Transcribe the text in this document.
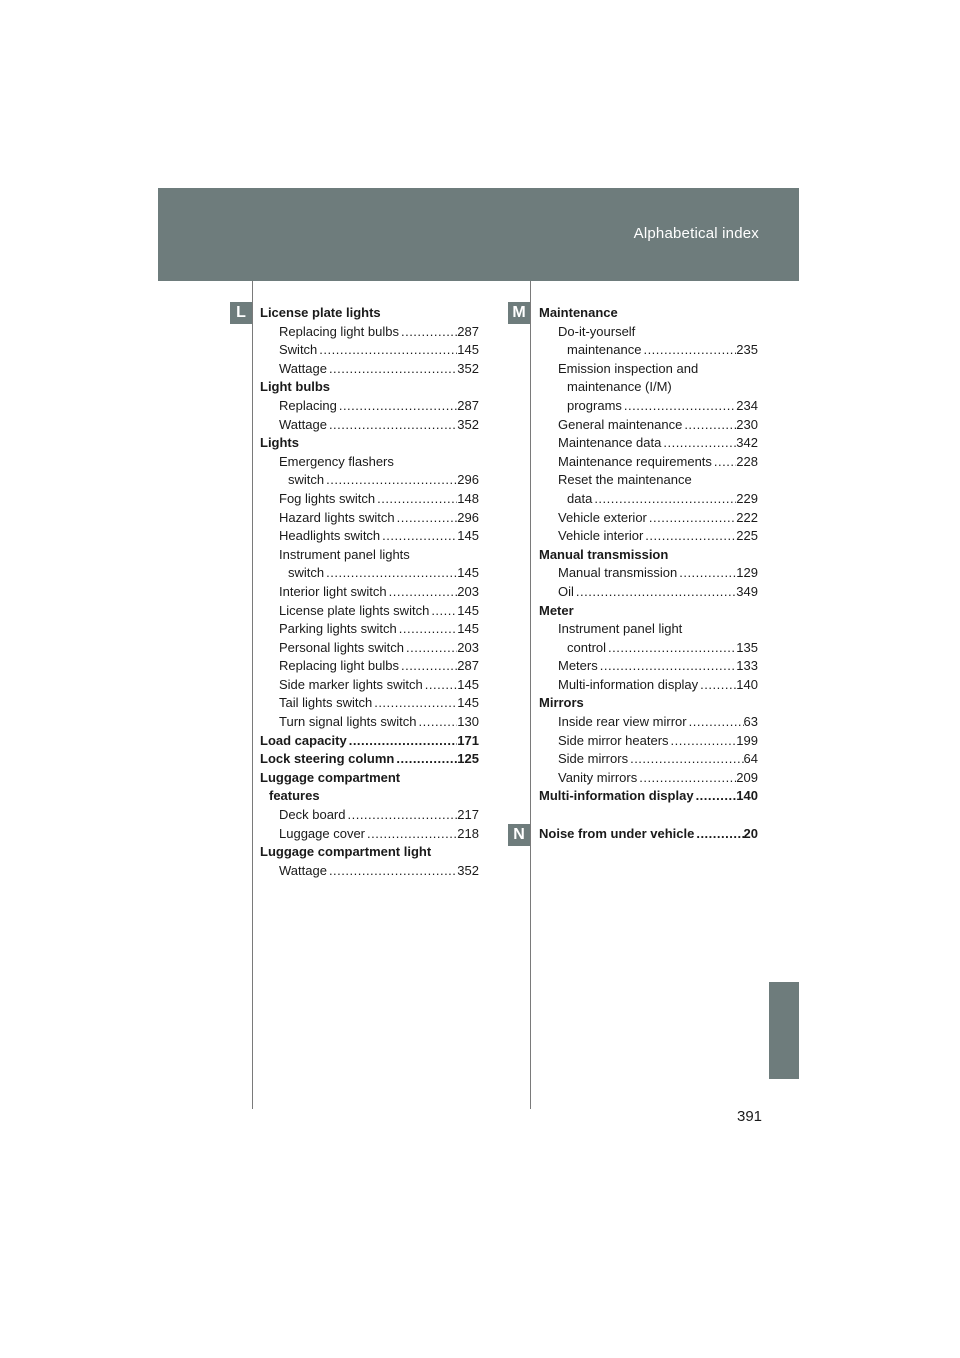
Alphabetical index
L	M
N
License plate lights
Replacing light bulbs .....	287
Switch .....	145
Wattage .....	352
Light bulbs
Replacing .....	287
Wattage .....	352
Lights
Emergency flashers
switch .....	296
Fog lights switch .....	148
Hazard lights switch .....	296
Headlights switch .....	145
Instrument panel lights
switch .....	145
Interior light switch .....	203
License plate lights switch ..... 145
Parking lights switch .....	145
Personal lights switch .....	203
Replacing light bulbs .....	287
Side marker lights switch .....	145
Tail lights switch .....	145
Turn signal lights switch .....	130
Load capacity .....	171
Lock steering column .....	125
Luggage compartment
features
Deck board .....	217
Luggage cover .....	218
Luggage compartment light
Wattage .....	352
Maintenance
Do-it-yourself
maintenance .....	235
Emission inspection and
maintenance (I/M)
programs .....	234
General maintenance .....	230
Maintenance data .....	342
Maintenance requirements ..... 228
Reset the maintenance
data .....	229
Vehicle exterior .....	222
Vehicle interior .....	225
Manual transmission
Manual transmission .....	129
Oil .....	349
Meter
Instrument panel light
control .....	135
Meters .....	133
Multi-information display .....	140
Mirrors
Inside rear view mirror .....	63
Side mirror heaters .....	199
Side mirrors .....	64
Vanity mirrors .....	209
Multi-information display .....	140
Noise from under vehicle .....	20
391
